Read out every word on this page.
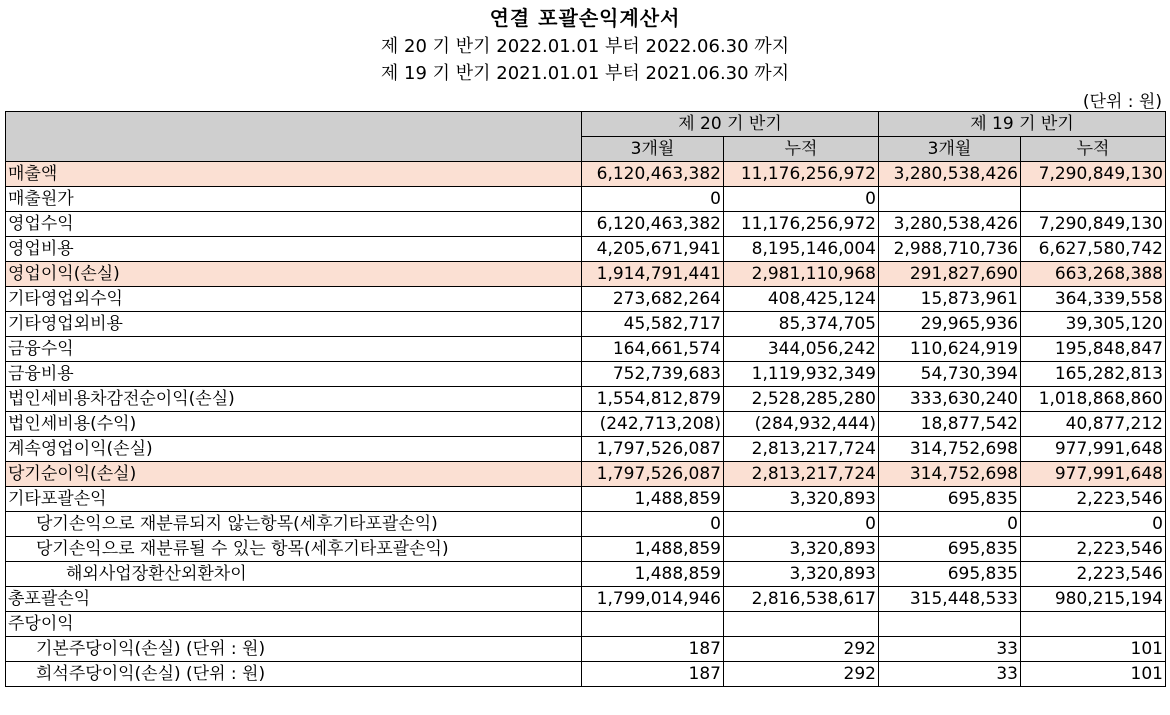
연결 포괄손익계산서
제 20 기 반기 2022.01.01 부터 2022.06.30 까지
제 19 기 반기 2021.01.01 부터 2021.06.30 까지
(단위 : 원)
	제 20 기 반기		제 19 기 반기	
	3개월	누적	3개월	누적
매출액	6,120,463,382	11,176,256,972	3,280,538,426	7,290,849,130
매출원가	0	0		
영업수익	6,120,463,382	11,176,256,972	3,280,538,426	7,290,849,130
영업비용	4,205,671,941	8,195,146,004	2,988,710,736	6,627,580,742
영업이익(손실)	1,914,791,441	2,981,110,968	291,827,690	663,268,388
기타영업외수익	273,682,264	408,425,124	15,873,961	364,339,558
기타영업외비용	45,582,717	85,374,705	29,965,936	39,305,120
금융수익	164,661,574	344,056,242	110,624,919	195,848,847
금융비용	752,739,683	1,119,932,349	54,730,394	165,282,813
법인세비용차감전순이익(손실)	1,554,812,879	2,528,285,280	333,630,240	1,018,868,860
법인세비용(수익)	(242,713,208)	(284,932,444)	18,877,542	40,877,212
계속영업이익(손실)	1,797,526,087	2,813,217,724	314,752,698	977,991,648
당기순이익(손실)	1,797,526,087	2,813,217,724	314,752,698	977,991,648
기타포괄손익	1,488,859	3,320,893	695,835	2,223,546
당기손익으로 재분류되지 않는항목(세후기타포괄손익)	0	0	0	0
당기손익으로 재분류될 수 있는 항목(세후기타포괄손익)	1,488,859	3,320,893	695,835	2,223,546
해외사업장환산외환차이	1,488,859	3,320,893	695,835	2,223,546
총포괄손익	1,799,014,946	2,816,538,617	315,448,533	980,215,194
주당이익				
기본주당이익(손실) (단위 : 원)	187	292	33	101
희석주당이익(손실) (단위 : 원)	187	292	33	101
